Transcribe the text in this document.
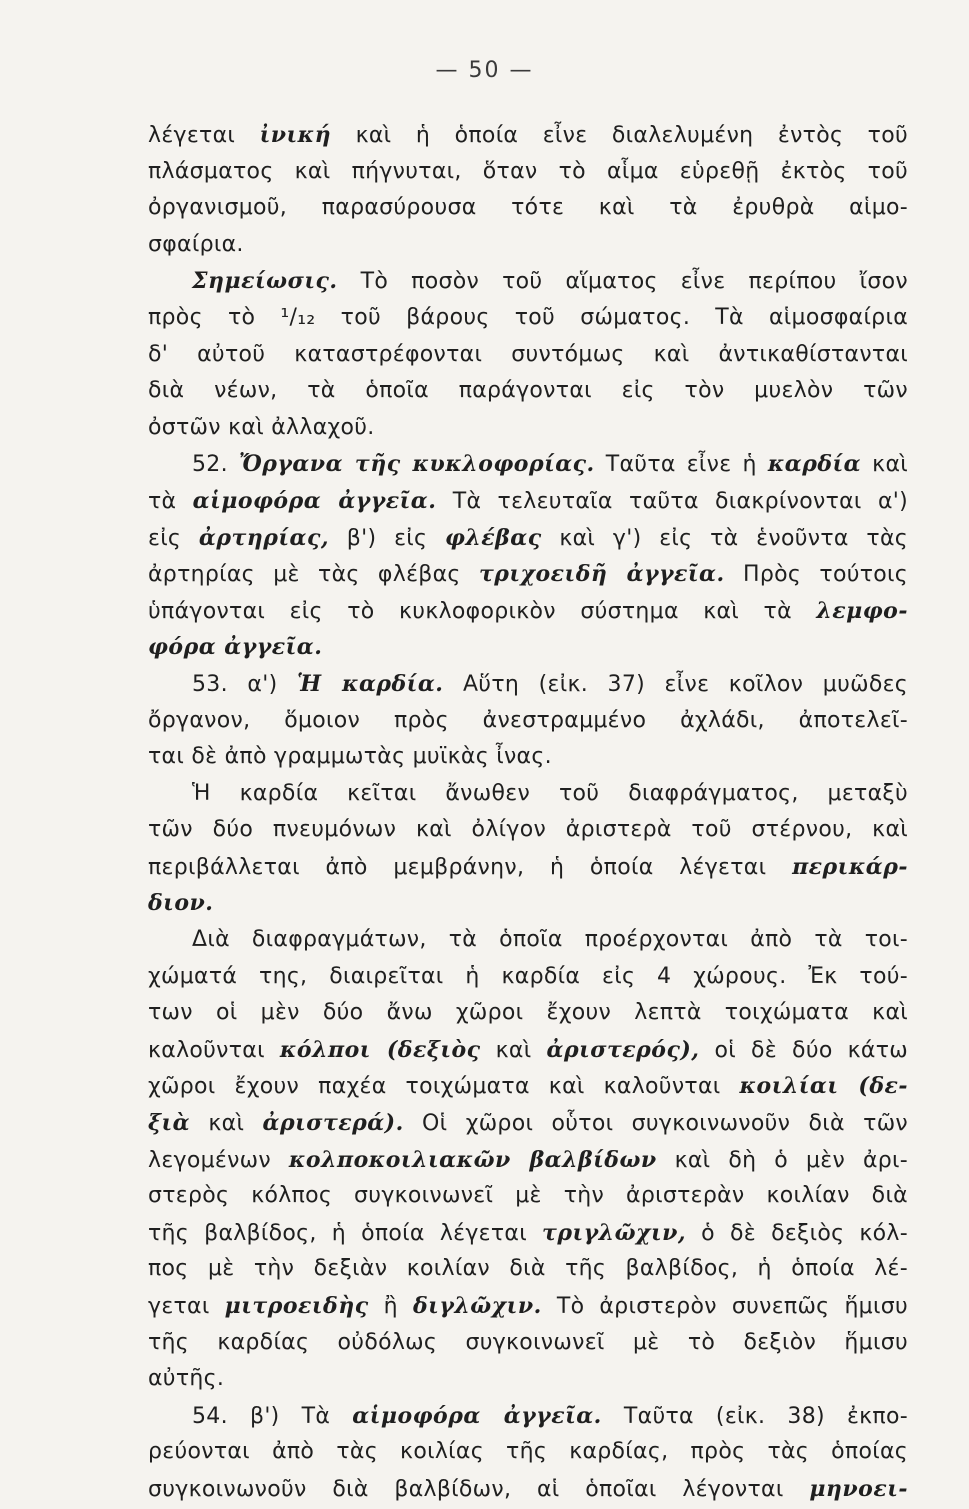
— 50 —
λέγεται ἰνική καὶ ἡ ὁποία εἶνε διαλελυμένη ἐντὸς τοῦ
πλάσματος καὶ πήγνυται, ὅταν τὸ αἷμα εὑρεθῇ ἐκτὸς τοῦ
ὀργανισμοῦ, παρασύρουσα τότε καὶ τὰ ἐρυθρὰ αἱμο-
σφαίρια.
Σημείωσις. Τὸ ποσὸν τοῦ αἵματος εἶνε περίπου ἴσον
πρὸς τὸ ¹/₁₂ τοῦ βάρους τοῦ σώματος. Τὰ αἱμοσφαίρια
δ' αὐτοῦ καταστρέφονται συντόμως καὶ ἀντικαθίστανται
διὰ νέων, τὰ ὁποῖα παράγονται εἰς τὸν μυελὸν τῶν
ὀστῶν καὶ ἀλλαχοῦ.
52. Ὄργανα τῆς κυκλοφορίας. Ταῦτα εἶνε ἡ καρδία καὶ
τὰ αἱμοφόρα ἀγγεῖα. Τὰ τελευταῖα ταῦτα διακρίνονται α')
εἰς ἀρτηρίας, β') εἰς φλέβας καὶ γ') εἰς τὰ ἑνοῦντα τὰς
ἀρτηρίας μὲ τὰς φλέβας τριχοειδῆ ἀγγεῖα. Πρὸς τούτοις
ὑπάγονται εἰς τὸ κυκλοφορικὸν σύστημα καὶ τὰ λεμφο-
φόρα ἀγγεῖα.
53. α') Ἡ καρδία. Αὕτη (εἰκ. 37) εἶνε κοῖλον μυῶδες
ὄργανον, ὅμοιον πρὸς ἀνεστραμμένο ἀχλάδι, ἀποτελεῖ-
ται δὲ ἀπὸ γραμμωτὰς μυϊκὰς ἶνας.
Ἡ καρδία κεῖται ἄνωθεν τοῦ διαφράγματος, μεταξὺ
τῶν δύο πνευμόνων καὶ ὀλίγον ἀριστερὰ τοῦ στέρνου, καὶ
περιβάλλεται ἀπὸ μεμβράνην, ἡ ὁποία λέγεται περικάρ-
διον.
Διὰ διαφραγμάτων, τὰ ὁποῖα προέρχονται ἀπὸ τὰ τοι-
χώματά της, διαιρεῖται ἡ καρδία εἰς 4 χώρους. Ἐκ τού-
των οἱ μὲν δύο ἄνω χῶροι ἔχουν λεπτὰ τοιχώματα καὶ
καλοῦνται κόλποι (δεξιὸς καὶ ἀριστερός), οἱ δὲ δύο κάτω
χῶροι ἔχουν παχέα τοιχώματα καὶ καλοῦνται κοιλίαι (δε-
ξιὰ καὶ ἀριστερά). Οἱ χῶροι οὗτοι συγκοινωνοῦν διὰ τῶν
λεγομένων κολποκοιλιακῶν βαλβίδων καὶ δὴ ὁ μὲν ἀρι-
στερὸς κόλπος συγκοινωνεῖ μὲ τὴν ἀριστερὰν κοιλίαν διὰ
τῆς βαλβίδος, ἡ ὁποία λέγεται τριγλῶχιν, ὁ δὲ δεξιὸς κόλ-
πος μὲ τὴν δεξιὰν κοιλίαν διὰ τῆς βαλβίδος, ἡ ὁποία λέ-
γεται μιτροειδὴς ἢ διγλῶχιν. Τὸ ἀριστερὸν συνεπῶς ἥμισυ
τῆς καρδίας οὐδόλως συγκοινωνεῖ μὲ τὸ δεξιὸν ἥμισυ
αὐτῆς.
54. β') Τὰ αἱμοφόρα ἀγγεῖα. Ταῦτα (εἰκ. 38) ἐκπο-
ρεύονται ἀπὸ τὰς κοιλίας τῆς καρδίας, πρὸς τὰς ὁποίας
συγκοινωνοῦν διὰ βαλβίδων, αἱ ὁποῖαι λέγονται μηνοει-
